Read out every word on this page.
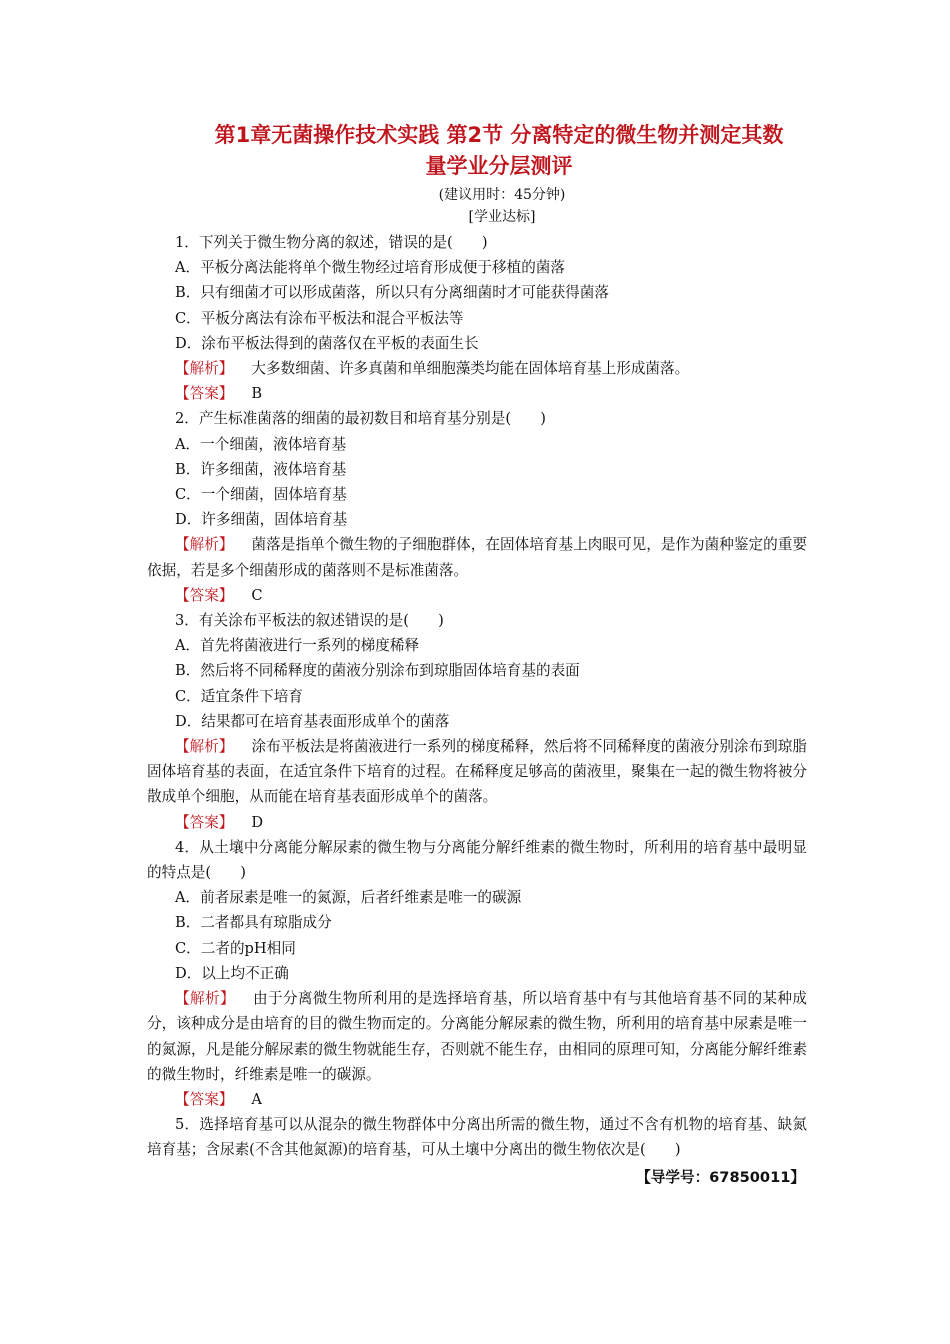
第1章无菌操作技术实践 第2节 分离特定的微生物并测定其数
量学业分层测评
(建议用时：45分钟)
[学业达标]
1．下列关于微生物分离的叙述，错误的是(　　)
A．平板分离法能将单个微生物经过培育形成便于移植的菌落
B．只有细菌才可以形成菌落，所以只有分离细菌时才可能获得菌落
C．平板分离法有涂布平板法和混合平板法等
D．涂布平板法得到的菌落仅在平板的表面生长

【解析】 大多数细菌、许多真菌和单细胞藻类均能在固体培育基上形成菌落。

【答案】 B
2．产生标准菌落的细菌的最初数目和培育基分别是(　　)
A．一个细菌，液体培育基
B．许多细菌，液体培育基
C．一个细菌，固体培育基
D．许多细菌，固体培育基

【解析】 菌落是指单个微生物的子细胞群体，在固体培育基上肉眼可见，是作为菌种鉴定的重要依据，若是多个细菌形成的菌落则不是标准菌落。

【答案】 C
3．有关涂布平板法的叙述错误的是(　　)
A．首先将菌液进行一系列的梯度稀释
B．然后将不同稀释度的菌液分别涂布到琼脂固体培育基的表面
C．适宜条件下培育
D．结果都可在培育基表面形成单个的菌落

【解析】 涂布平板法是将菌液进行一系列的梯度稀释，然后将不同稀释度的菌液分别涂布到琼脂固体培育基的表面，在适宜条件下培育的过程。在稀释度足够高的菌液里，聚集在一起的微生物将被分散成单个细胞，从而能在培育基表面形成单个的菌落。

【答案】 D

4．从土壤中分离能分解尿素的微生物与分离能分解纤维素的微生物时，所利用的培育基中最明显的特点是(　　)

A．前者尿素是唯一的氮源，后者纤维素是唯一的碳源
B．二者都具有琼脂成分
C．二者的pH相同
D．以上均不正确

【解析】 由于分离微生物所利用的是选择培育基，所以培育基中有与其他培育基不同的某种成分，该种成分是由培育的目的微生物而定的。分离能分解尿素的微生物，所利用的培育基中尿素是唯一的氮源，凡是能分解尿素的微生物就能生存，否则就不能生存，由相同的原理可知，分离能分解纤维素的微生物时，纤维素是唯一的碳源。

【答案】 A

5．选择培育基可以从混杂的微生物群体中分离出所需的微生物，通过不含有机物的培育基、缺氮培育基；含尿素(不含其他氮源)的培育基，可从土壤中分离出的微生物依次是(　　)

【导学号：67850011】
